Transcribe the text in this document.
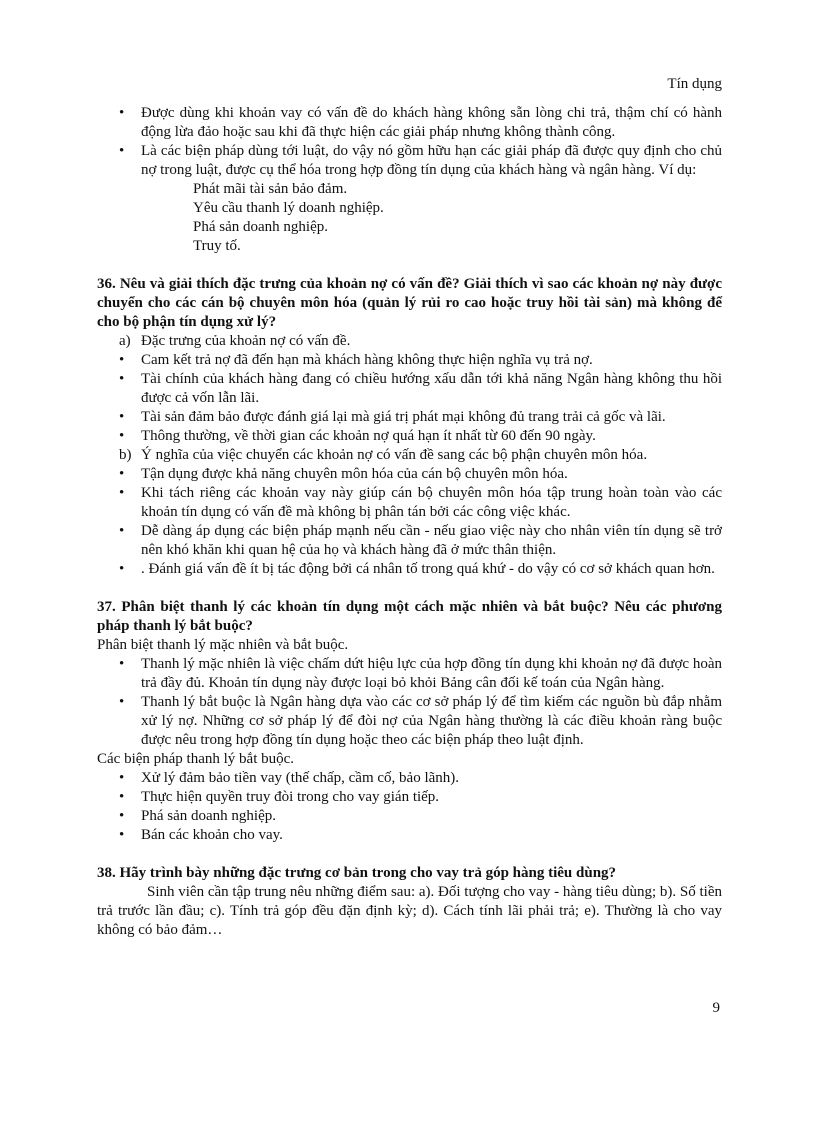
Tín dụng
• Được dùng khi khoản vay có vấn đề do khách hàng không sẵn lòng chi trả, thậm chí có hành động lừa đảo hoặc sau khi đã thực hiện các giải pháp nhưng không thành công.
• Là các biện pháp dùng tới luật, do vậy nó gồm hữu hạn các giải pháp đã được quy định cho chủ nợ trong luật, được cụ thể hóa trong hợp đồng tín dụng của khách hàng và ngân hàng. Ví dụ:
Phát mãi tài sản bảo đảm.
Yêu cầu thanh lý doanh nghiệp.
Phá sản doanh nghiệp.
Truy tố.
36. Nêu và giải thích đặc trưng của khoản nợ có vấn đề? Giải thích vì sao các khoản nợ này được chuyển cho các cán bộ chuyên môn hóa (quản lý rủi ro cao hoặc truy hồi tài sản) mà không để cho bộ phận tín dụng xử lý?
a) Đặc trưng của khoản nợ có vấn đề.
• Cam kết trả nợ đã đến hạn mà khách hàng không thực hiện nghĩa vụ trả nợ.
• Tài chính của khách hàng đang có chiều hướng xấu dẫn tới khả năng Ngân hàng không thu hồi được cả vốn lẫn lãi.
• Tài sản đảm bảo được đánh giá lại mà giá trị phát mại không đủ trang trải cả gốc và lãi.
• Thông thường, về thời gian các khoản nợ quá hạn ít nhất từ 60 đến 90 ngày.
b) Ý nghĩa của việc chuyển các khoản nợ có vấn đề sang các bộ phận chuyên môn hóa.
• Tận dụng được khả năng chuyên môn hóa của cán bộ chuyên môn hóa.
• Khi tách riêng các khoản vay này giúp cán bộ chuyên môn hóa tập trung hoàn toàn vào các khoản tín dụng có vấn đề mà không bị phân tán bởi các công việc khác.
• Dễ dàng áp dụng các biện pháp mạnh nếu cần - nếu giao việc này cho nhân viên tín dụng sẽ trở nên khó khăn khi quan hệ của họ và khách hàng đã ở mức thân thiện.
• . Đánh giá vấn đề ít bị tác động bởi cá nhân tố trong quá khứ - do vậy có cơ sở khách quan hơn.
37. Phân biệt thanh lý các khoản tín dụng một cách mặc nhiên và bắt buộc? Nêu các phương pháp thanh lý bắt buộc?
Phân biệt thanh lý mặc nhiên và bắt buộc.
• Thanh lý mặc nhiên là việc chấm dứt hiệu lực của hợp đồng tín dụng khi khoản nợ đã được hoàn trả đầy đủ. Khoản tín dụng này được loại bỏ khỏi Bảng cân đối kế toán của Ngân hàng.
• Thanh lý bắt buộc là Ngân hàng dựa vào các cơ sở pháp lý để tìm kiếm các nguồn bù đắp nhằm xử lý nợ. Những cơ sở pháp lý để đòi nợ của Ngân hàng thường là các điều khoản ràng buộc được nêu trong hợp đồng tín dụng hoặc theo các biện pháp theo luật định.
Các biện pháp thanh lý bắt buộc.
• Xử lý đảm bảo tiền vay (thế chấp, cầm cố, bảo lãnh).
• Thực hiện quyền truy đòi trong cho vay gián tiếp.
• Phá sản doanh nghiệp.
• Bán các khoản cho vay.
38. Hãy trình bày những đặc trưng cơ bản trong cho vay trả góp hàng tiêu dùng?
Sinh viên cần tập trung nêu những điểm sau: a). Đối tượng cho vay - hàng tiêu dùng; b). Số tiền trả trước lần đầu; c). Tính trả góp đều đặn định kỳ; d). Cách tính lãi phải trả; e). Thường là cho vay không có bảo đảm…
9
